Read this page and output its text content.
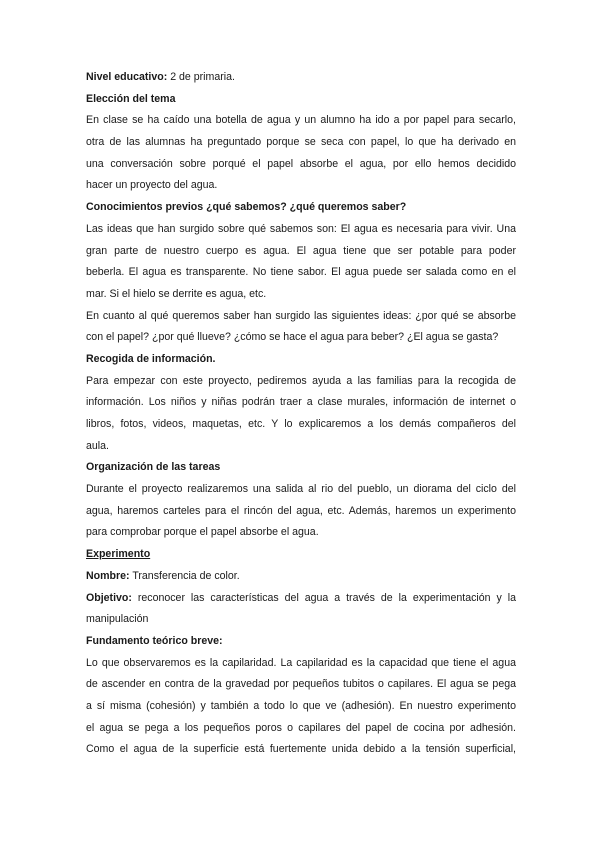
Nivel educativo: 2 de primaria.
Elección del tema
En clase se ha caído una botella de agua y un alumno ha ido a por papel para secarlo,
otra de las alumnas ha preguntado porque se seca con papel, lo que ha derivado en
una conversación sobre porqué el papel absorbe el agua, por ello hemos decidido
hacer un proyecto del agua.
Conocimientos previos ¿qué sabemos? ¿qué queremos saber?
Las ideas que han surgido sobre qué sabemos son: El agua es necesaria para vivir. Una
gran parte de nuestro cuerpo es agua. El agua tiene que ser potable para poder
beberla. El agua es transparente. No tiene sabor. El agua puede ser salada como en el
mar. Si el hielo se derrite es agua, etc.
En cuanto al qué queremos saber han surgido las siguientes ideas: ¿por qué se absorbe
con el papel? ¿por qué llueve? ¿cómo se hace el agua para beber? ¿El agua se gasta?
Recogida de información.
Para empezar con este proyecto, pediremos ayuda a las familias para la recogida de
información. Los niños y niñas podrán traer a clase murales, información de internet o
libros, fotos, videos, maquetas, etc. Y lo explicaremos a los demás compañeros del
aula.
Organización de las tareas
Durante el proyecto realizaremos una salida al rio del pueblo, un diorama del ciclo del
agua, haremos carteles para el rincón del agua, etc. Además, haremos un experimento
para comprobar porque el papel absorbe el agua.
Experimento
Nombre: Transferencia de color.
Objetivo: reconocer las características del agua a través de la experimentación y la
manipulación
Fundamento teórico breve:
Lo que observaremos es la capilaridad. La capilaridad es la capacidad que tiene el agua
de ascender en contra de la gravedad por pequeños tubitos o capilares. El agua se pega
a sí misma (cohesión) y también a todo lo que ve (adhesión). En nuestro experimento
el agua se pega a los pequeños poros o capilares del papel de cocina por adhesión.
Como el agua de la superficie está fuertemente unida debido a la tensión superficial,
